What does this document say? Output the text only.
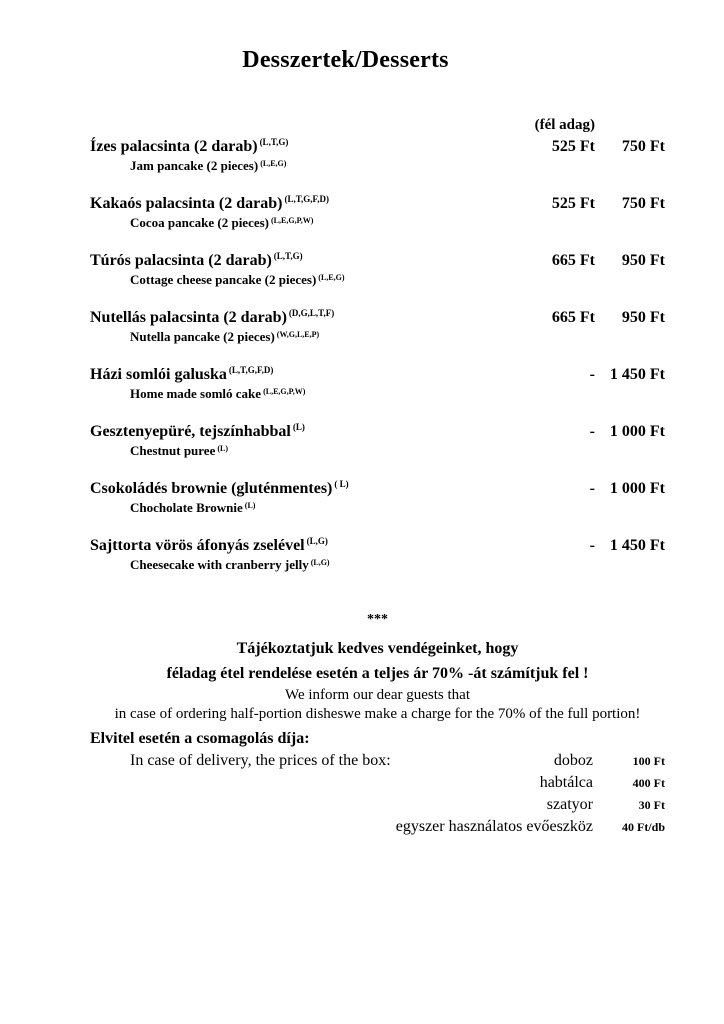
Desszertek/Desserts
(fél adag)
Ízes palacsinta (2 darab) $^{(L,T,G)}$
Jam pancake (2 pieces) $^{(L,E,G)}$
525 Ft	750 Ft
Kakaós palacsinta (2 darab) $^{(L,T,G,F,D)}$
Cocoa pancake (2 pieces) $^{(L,E,G,P,W)}$
525 Ft	750 Ft
Túrós palacsinta (2 darab) $^{(L,T,G)}$
Cottage cheese pancake (2 pieces) $^{(L,E,G)}$
665 Ft	950 Ft
Nutellás palacsinta (2 darab) $^{(D,G,L,T,F)}$
Nutella pancake (2 pieces) $^{(W,G,L,E,P)}$
665 Ft	950 Ft
Házi somlói galuska $^{(L,T,G,F,D)}$
Home made somló cake $^{(L,E,G,P,W)}$
- 1 450 Ft
Gesztenyepüré, tejszínhabbal $^{(L)}$
Chestnut puree $^{(L)}$
- 1 000 Ft
Csokoládés brownie (gluténmentes) $^{( L)}$
Chocholate Brownie $^{(L)}$
- 1 000 Ft
Sajttorta vörös áfonyás zselével $^{(L,G)}$
Cheesecake with cranberry jelly $^{(L,G)}$
- 1 450 Ft
***
Tájékoztatjuk kedves vendégeinket, hogy
féladag étel rendelése esetén a teljes ár 70% -át számítjuk fel !
We inform our dear guests that
in case of ordering half-portion disheswe make a charge for the 70% of the full portion!
Elvitel esetén a csomagolás díja:
In case of delivery, the prices of the box:	doboz	100 Ft
habtálca	400 Ft
szatyor	30 Ft
egyszer használatos evőeszköz	40 Ft/db
